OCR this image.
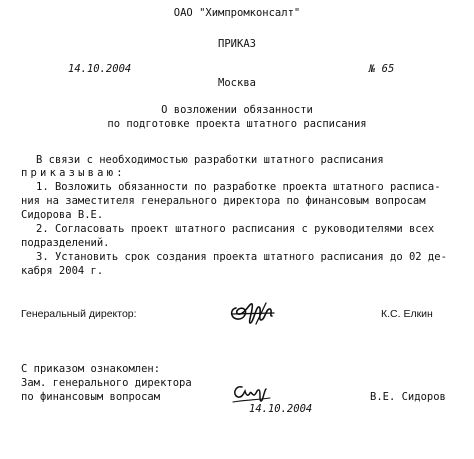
ОАО "Химпромконсалт"
ПРИКАЗ
14.10.2004	№ 65
Москва
О возложении обязанности
по подготовке проекта штатного расписания
В связи с необходимостью разработки штатного расписания
приказываю:
1. Возложить обязанности по разработке проекта штатного расписа-
ния на заместителя генерального директора по финансовым вопросам
Сидорова В.Е.
2. Согласовать проект штатного расписания с руководителями всех
подразделений.
3. Установить срок создания проекта штатного расписания до 02 де-
кабря 2004 г.
Генеральный директор:	К.С. Елкин
С приказом ознакомлен:
Зам. генерального директора
по финансовым вопросам
14.10.2004
В.Е. Сидоров
